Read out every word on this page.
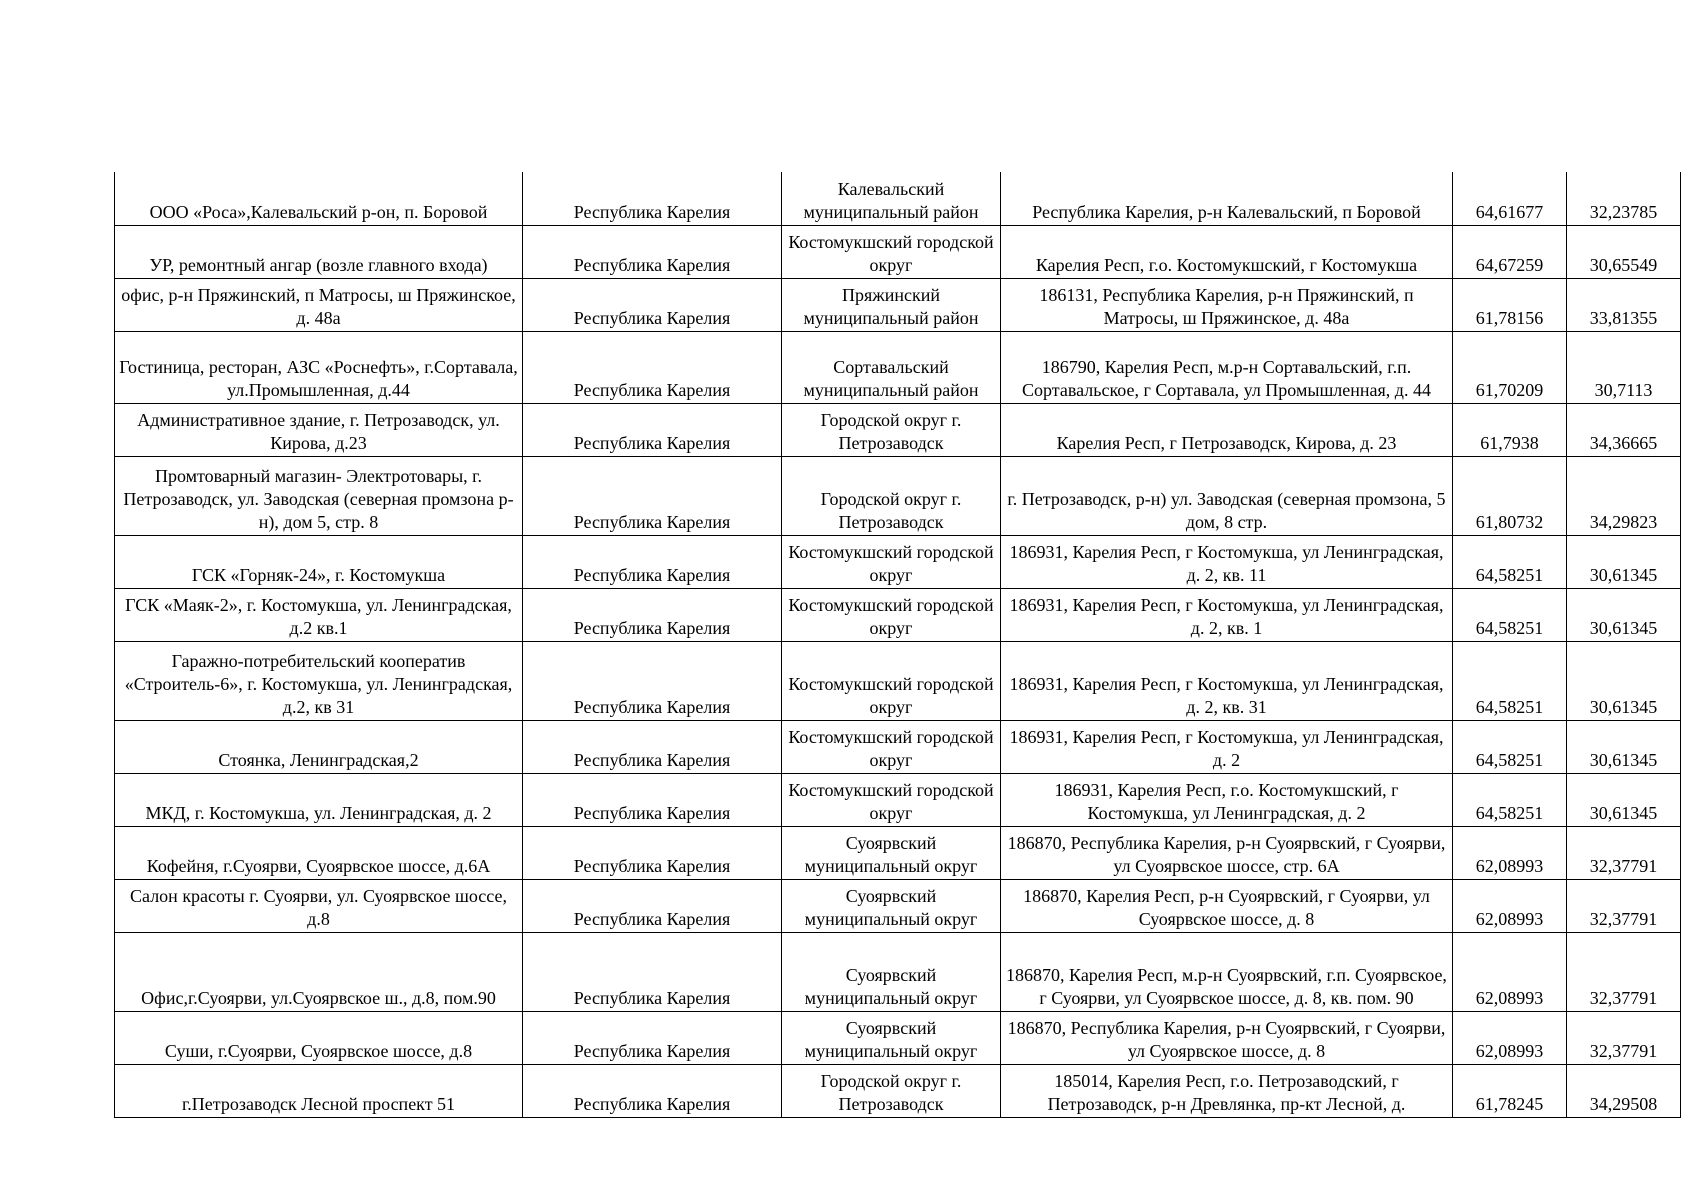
ООО «Роса»,Калевальский р-он, п. Боровой	Республика Карелия	Калевальский муниципальный район	Республика Карелия, р-н Калевальский, п Боровой	64,61677	32,23785
УР, ремонтный ангар (возле главного входа)	Республика Карелия	Костомукшский городской округ	Карелия Респ, г.о. Костомукшский, г Костомукша	64,67259	30,65549
офис, р-н Пряжинский, п Матросы, ш Пряжинское, д. 48а	Республика Карелия	Пряжинский муниципальный район	186131, Республика Карелия, р-н Пряжинский, п Матросы, ш Пряжинское, д. 48а	61,78156	33,81355
Гостиница, ресторан, АЗС «Роснефть», г.Сортавала, ул.Промышленная, д.44	Республика Карелия	Сортавальский муниципальный район	186790, Карелия Респ, м.р-н Сортавальский, г.п. Сортавальское, г Сортавала, ул Промышленная, д. 44	61,70209	30,7113
Административное здание, г. Петрозаводск, ул. Кирова, д.23	Республика Карелия	Городской округ г. Петрозаводск	Карелия Респ, г Петрозаводск, Кирова, д. 23	61,7938	34,36665
Промтоварный магазин- Электротовары, г. Петрозаводск, ул. Заводская (северная промзона р-н), дом 5, стр. 8	Республика Карелия	Городской округ г. Петрозаводск	г. Петрозаводск, р-н) ул. Заводская (северная промзона, 5 дом, 8 стр.	61,80732	34,29823
ГСК «Горняк-24», г. Костомукша	Республика Карелия	Костомукшский городской округ	186931, Карелия Респ, г Костомукша, ул Ленинградская, д. 2, кв. 11	64,58251	30,61345
ГСК «Маяк-2», г. Костомукша, ул. Ленинградская, д.2 кв.1	Республика Карелия	Костомукшский городской округ	186931, Карелия Респ, г Костомукша, ул Ленинградская, д. 2, кв. 1	64,58251	30,61345
Гаражно-потребительский кооператив «Строитель-6», г. Костомукша, ул. Ленинградская, д.2, кв 31	Республика Карелия	Костомукшский городской округ	186931, Карелия Респ, г Костомукша, ул Ленинградская, д. 2, кв. 31	64,58251	30,61345
Стоянка, Ленинградская,2	Республика Карелия	Костомукшский городской округ	186931, Карелия Респ, г Костомукша, ул Ленинградская, д. 2	64,58251	30,61345
МКД, г. Костомукша, ул. Ленинградская, д. 2	Республика Карелия	Костомукшский городской округ	186931, Карелия Респ, г.о. Костомукшский, г Костомукша, ул Ленинградская, д. 2	64,58251	30,61345
Кофейня, г.Суоярви, Суоярвское шоссе, д.6А	Республика Карелия	Суоярвский муниципальный округ	186870, Республика Карелия, р-н Суоярвский, г Суоярви, ул Суоярвское шоссе, стр. 6А	62,08993	32,37791
Салон красоты г. Суоярви, ул. Суоярвское шоссе, д.8	Республика Карелия	Суоярвский муниципальный округ	186870, Карелия Респ, р-н Суоярвский, г Суоярви, ул Суоярвское шоссе, д. 8	62,08993	32,37791
Офис,г.Суоярви, ул.Суоярвское ш., д.8, пом.90	Республика Карелия	Суоярвский муниципальный округ	186870, Карелия Респ, м.р-н Суоярвский, г.п. Суоярвское, г Суоярви, ул Суоярвское шоссе, д. 8, кв. пом. 90	62,08993	32,37791
Суши, г.Суоярви, Суоярвское шоссе, д.8	Республика Карелия	Суоярвский муниципальный округ	186870, Республика Карелия, р-н Суоярвский, г Суоярви, ул Суоярвское шоссе, д. 8	62,08993	32,37791
г.Петрозаводск Лесной проспект 51	Республика Карелия	Городской округ г. Петрозаводск	185014, Карелия Респ, г.о. Петрозаводский, г Петрозаводск, р-н Древлянка, пр-кт Лесной, д.	61,78245	34,29508
